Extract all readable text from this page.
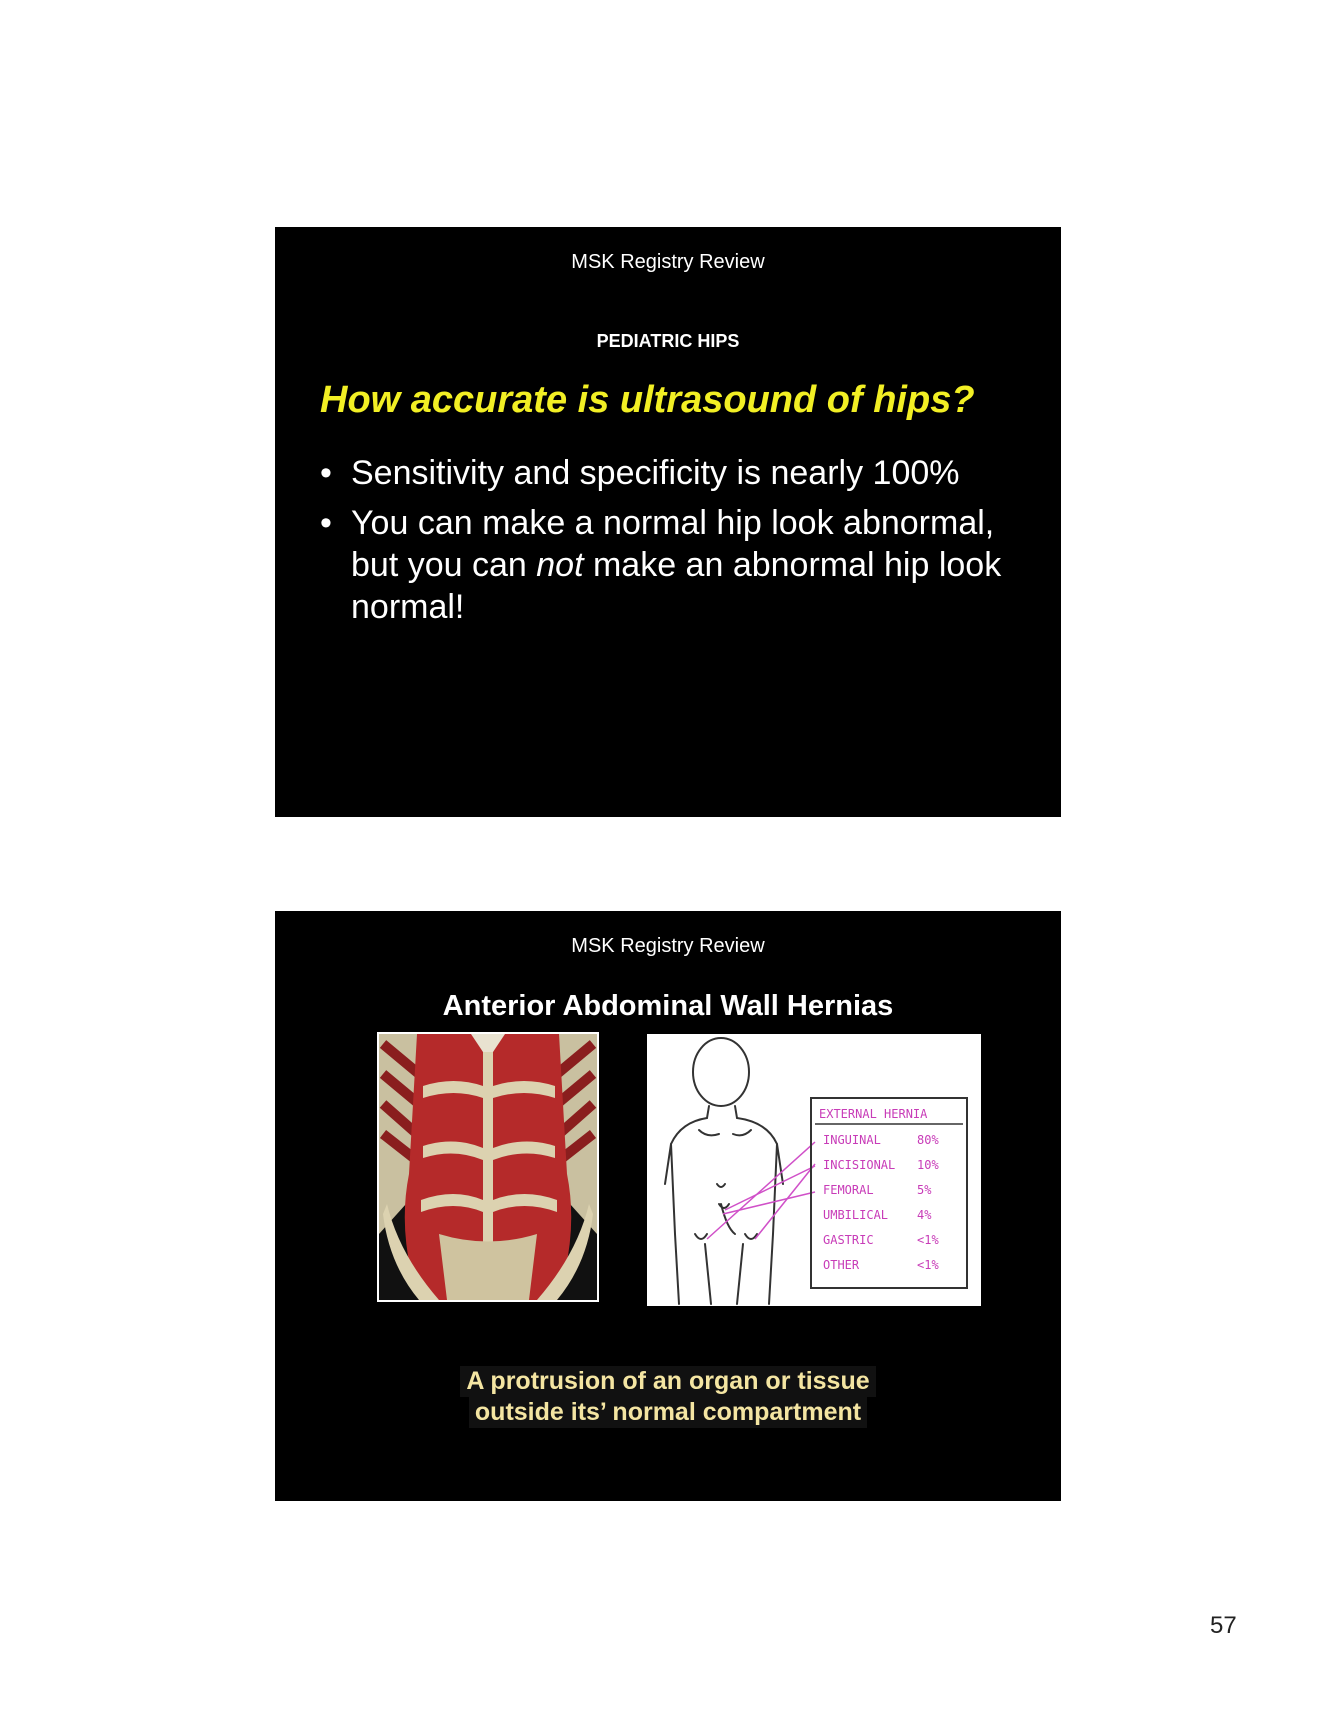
MSK Registry Review
PEDIATRIC HIPS
How accurate is ultrasound of hips?
• Sensitivity and specificity is nearly 100%
• You can make a normal hip look abnormal, but you can not make an abnormal hip look normal!
MSK Registry Review
Anterior Abdominal Wall Hernias
EXTERNAL HERNIA
INGUINAL	80%
INCISIONAL 10%
FEMORAL	5%
UMBILICAL 4%
GASTRIC	<1%
OTHER	<1%
A protrusion of an organ or tissue
outside its’ normal compartment
57
